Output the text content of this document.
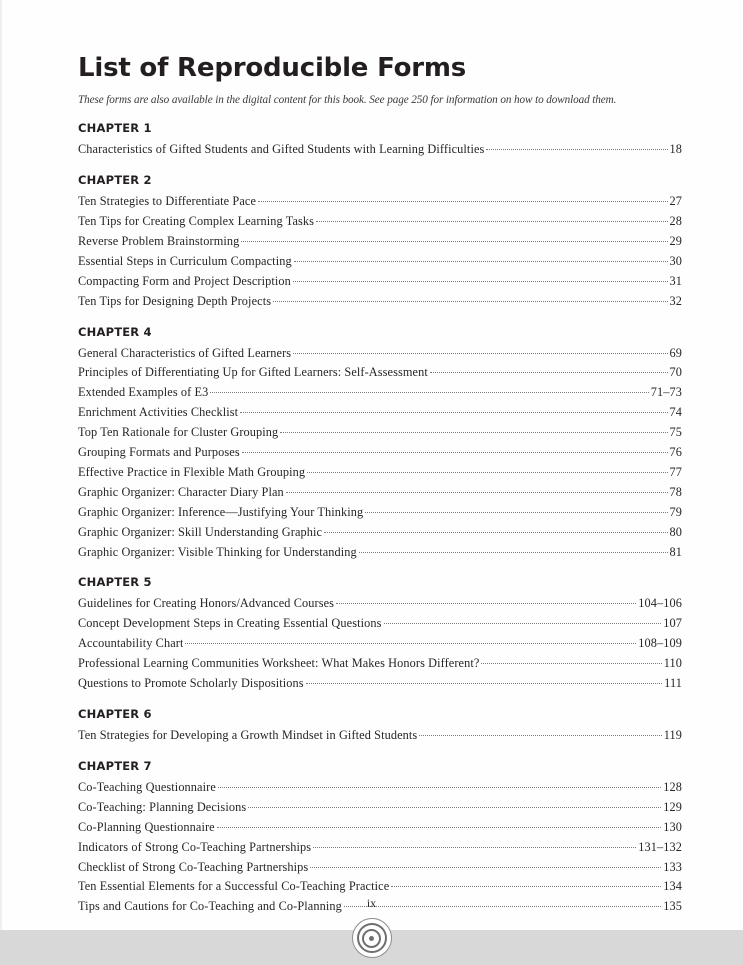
List of Reproducible Forms

These forms are also available in the digital content for this book. See page 250 for information on how to download them.

CHAPTER 1
Characteristics of Gifted Students and Gifted Students with Learning Difficulties	18
CHAPTER 2
Ten Strategies to Differentiate Pace	27
Ten Tips for Creating Complex Learning Tasks	28
Reverse Problem Brainstorming	29
Essential Steps in Curriculum Compacting	30
Compacting Form and Project Description	31
Ten Tips for Designing Depth Projects	32
CHAPTER 4
General Characteristics of Gifted Learners	69
Principles of Differentiating Up for Gifted Learners: Self-Assessment	70
Extended Examples of E3	71–73
Enrichment Activities Checklist	74
Top Ten Rationale for Cluster Grouping	75
Grouping Formats and Purposes	76
Effective Practice in Flexible Math Grouping	77
Graphic Organizer: Character Diary Plan	78
Graphic Organizer: Inference—Justifying Your Thinking	79
Graphic Organizer: Skill Understanding Graphic	80
Graphic Organizer: Visible Thinking for Understanding	81
CHAPTER 5
Guidelines for Creating Honors/Advanced Courses	104–106
Concept Development Steps in Creating Essential Questions	107
Accountability Chart	108–109
Professional Learning Communities Worksheet: What Makes Honors Different?	110
Questions to Promote Scholarly Dispositions	111
CHAPTER 6
Ten Strategies for Developing a Growth Mindset in Gifted Students	119
CHAPTER 7
Co-Teaching Questionnaire	128
Co-Teaching: Planning Decisions	129
Co-Planning Questionnaire	130
Indicators of Strong Co-Teaching Partnerships	131–132
Checklist of Strong Co-Teaching Partnerships	133
Ten Essential Elements for a Successful Co-Teaching Practice	134
Tips and Cautions for Co-Teaching and Co-Planning	135
ix
